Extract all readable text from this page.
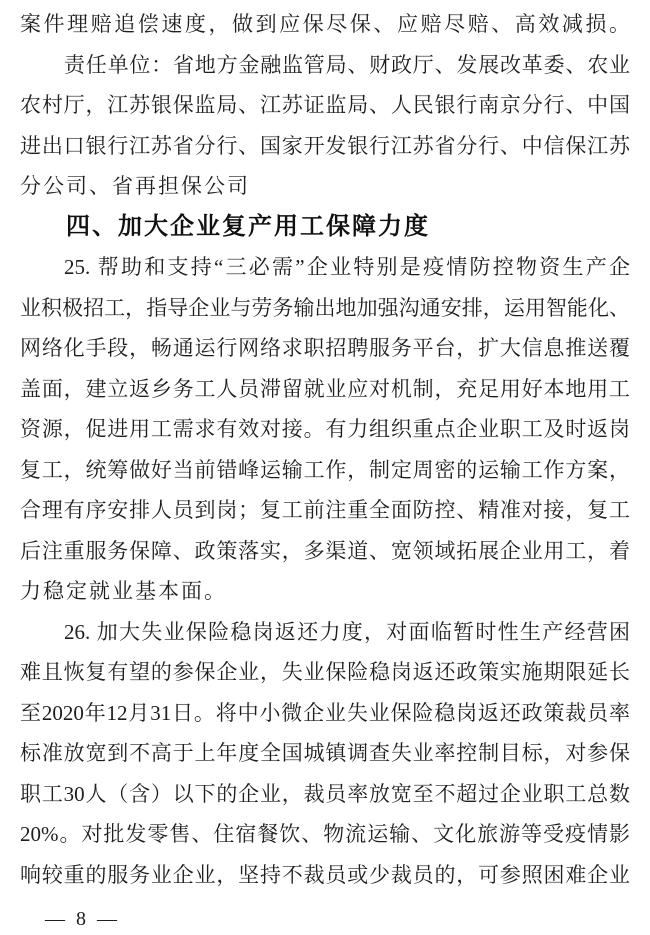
案件理赔追偿速度，做到应保尽保、应赔尽赔、高效减损。
责任单位：省地方金融监管局、财政厅、发展改革委、农业
农村厅，江苏银保监局、江苏证监局、人民银行南京分行、中国
进出口银行江苏省分行、国家开发银行江苏省分行、中信保江苏
分公司、省再担保公司
四、加大企业复产用工保障力度
25. 帮助和支持“三必需”企业特别是疫情防控物资生产企
业积极招工，指导企业与劳务输出地加强沟通安排，运用智能化、
网络化手段，畅通运行网络求职招聘服务平台，扩大信息推送覆
盖面，建立返乡务工人员滞留就业应对机制，充足用好本地用工
资源，促进用工需求有效对接。有力组织重点企业职工及时返岗
复工，统筹做好当前错峰运输工作，制定周密的运输工作方案，
合理有序安排人员到岗；复工前注重全面防控、精准对接，复工
后注重服务保障、政策落实，多渠道、宽领域拓展企业用工，着
力稳定就业基本面。
26. 加大失业保险稳岗返还力度，对面临暂时性生产经营困
难且恢复有望的参保企业，失业保险稳岗返还政策实施期限延长
至2020年12月31日。将中小微企业失业保险稳岗返还政策裁员率
标准放宽到不高于上年度全国城镇调查失业率控制目标，对参保
职工30人（含）以下的企业，裁员率放宽至不超过企业职工总数
20%。对批发零售、住宿餐饮、物流运输、文化旅游等受疫情影
响较重的服务业企业，坚持不裁员或少裁员的，可参照困难企业
— 8 —
